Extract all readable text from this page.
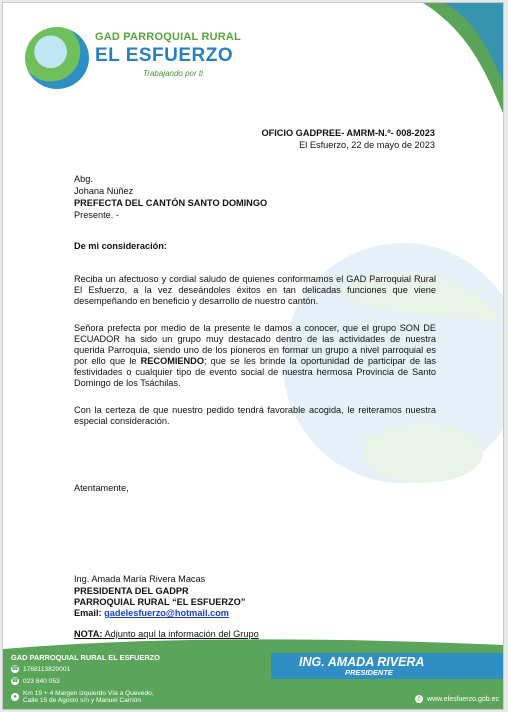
GAD PARROQUIAL RURAL
EL ESFUERZO
Trabajando por ti
OFICIO GADPREE- AMRM-N.º- 008-2023
El Esfuerzo, 22 de mayo de 2023
Abg.
Johana Núñez
PREFECTA DEL CANTÓN SANTO DOMINGO
Presente. -
De mi consideración:
Reciba un afectuoso y cordial saludo de quienes conformamos el GAD Parroquial Rural El Esfuerzo, a la vez deseándoles éxitos en tan delicadas funciones que viene desempeñando en beneficio y desarrollo de nuestro cantón.
Señora prefecta por medio de la presente le damos a conocer, que el grupo SON DE ECUADOR ha sido un grupo muy destacado dentro de las actividades de nuestra querida Parroquia, siendo uno de los pioneros en formar un grupo a nivel parroquial es por ello que le RECOMIENDO; que se les brinde la oportunidad de participar de las festividades o cualquier tipo de evento social de nuestra hermosa Provincia de Santo Domingo de los Tsáchilas.
Con la certeza de que nuestro pedido tendrá favorable acogida, le reiteramos nuestra especial consideración.
Atentamente,
Ing. Amada María Rivera Macas
PRESIDENTA DEL GADPR
PARROQUIAL RURAL “EL ESFUERZO”
Email: gadelesfuerzo@hotmail.com
NOTA: Adjunto aquí la información del Grupo
GAD PARROQUIAL RURAL EL ESFUERZO
☎ 1768113820001
☎ 023 840 053
● Km 19 + 4 Margen izquierdo Vía a Quevedo,
Calle 15 de Agosto s/n y Manuel Carrión
ING. AMADA RIVERA
PRESIDENTE
◎ www.elesfuerzo.gob.ec
